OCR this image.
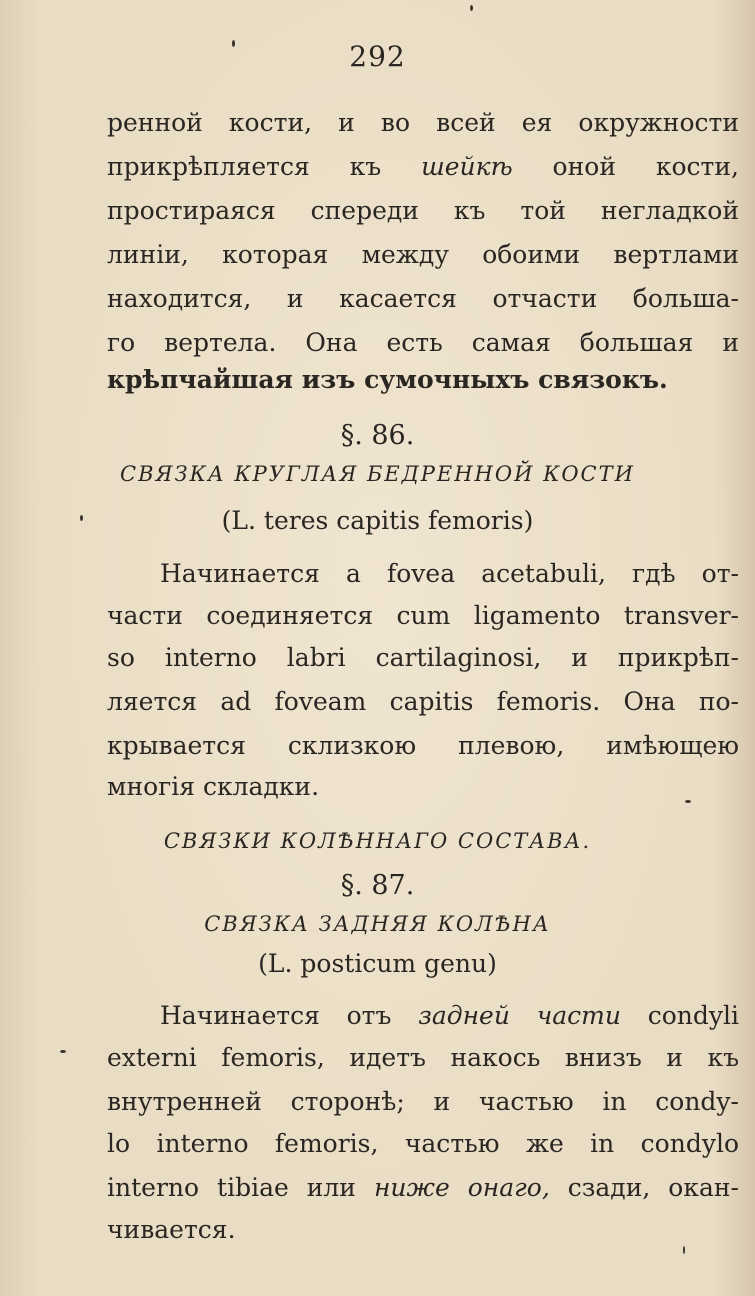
292
ренной кости, и во всей ея окружности
прикрѣпляется къ шейкѣ оной кости,
простираяся спереди къ той негладкой
линіи, которая между обоими вертлами
находится, и касается отчасти больша-
го вертела. Она есть самая большая и
крѣпчайшая изъ сумочныхъ связокъ.
§. 86.
СВЯЗКА КРУГЛАЯ БЕДРЕННОЙ КОСТИ
(L. teres capitis femoris)
Начинается a fovea acetabuli, гдѣ от-
части соединяется cum ligamento transver-
so interno labri cartilaginosi, и прикрѣп-
ляется ad foveam capitis femoris. Она по-
крывается склизкою плевою, имѣющею
многія складки.
СВЯЗКИ КОЛѢННАГО СОСТАВА.
§. 87.
СВЯЗКА ЗАДНЯЯ КОЛѢНА
(L. posticum genu)
Начинается отъ задней части condyli
externi femoris, идетъ накось внизъ и къ
внутренней сторонѣ; и частью in condy-
lo interno femoris, частью же in condylo
interno tibiae или ниже онаго, сзади, окан-
чивается.
